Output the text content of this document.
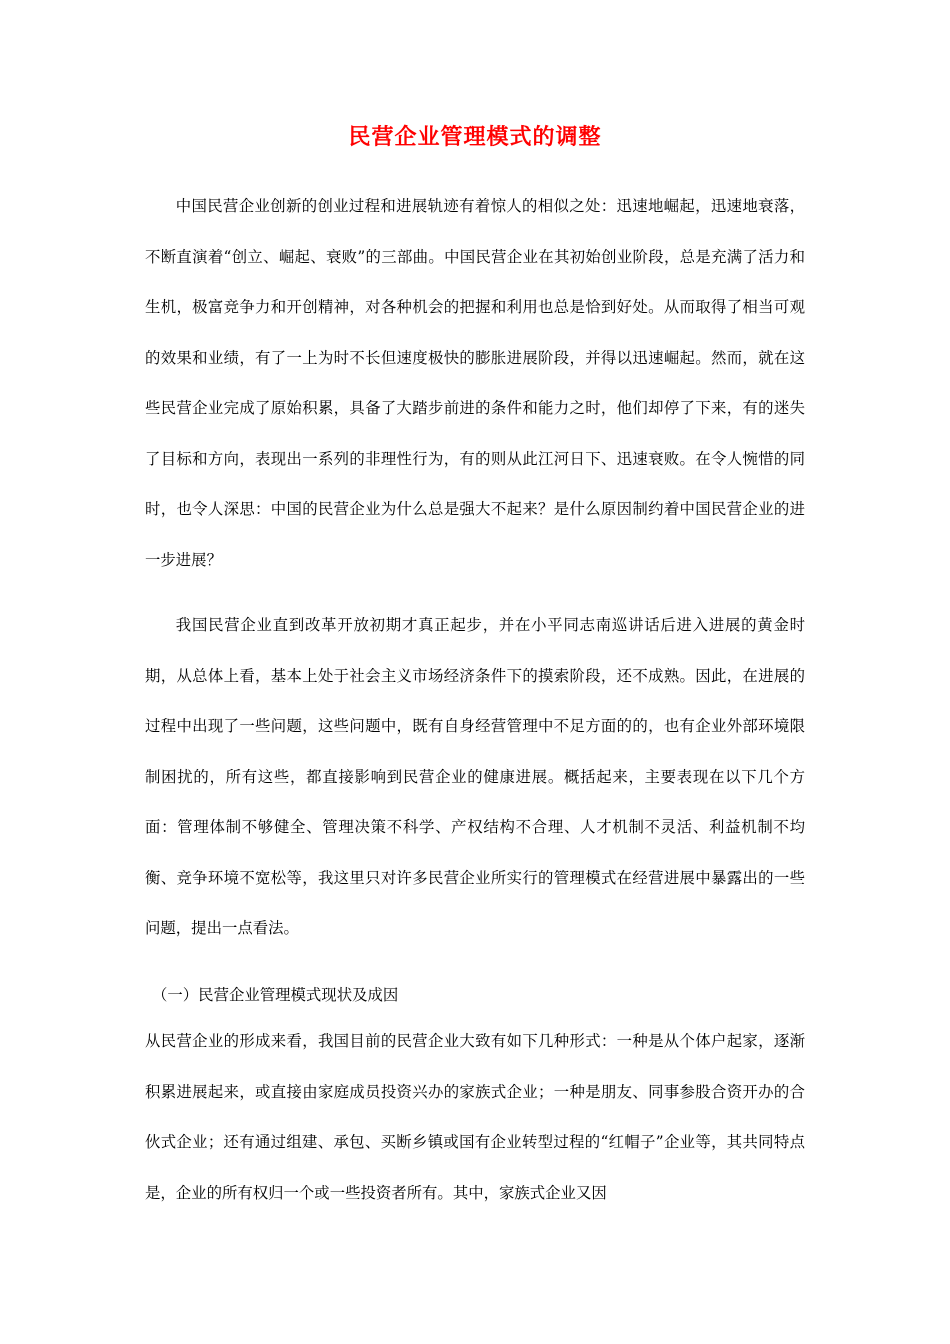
民营企业管理模式的调整

中国民营企业创新的创业过程和进展轨迹有着惊人的相似之处：迅速地崛起，迅速地衰落，不断直演着“创立、崛起、衰败”的三部曲。中国民营企业在其初始创业阶段，总是充满了活力和生机，极富竞争力和开创精神，对各种机会的把握和利用也总是恰到好处。从而取得了相当可观的效果和业绩，有了一上为时不长但速度极快的膨胀进展阶段，并得以迅速崛起。然而，就在这些民营企业完成了原始积累，具备了大踏步前进的条件和能力之时，他们却停了下来，有的迷失了目标和方向，表现出一系列的非理性行为，有的则从此江河日下、迅速衰败。在令人惋惜的同时，也令人深思：中国的民营企业为什么总是强大不起来？是什么原因制约着中国民营企业的进一步进展？

我国民营企业直到改革开放初期才真正起步，并在小平同志南巡讲话后进入进展的黄金时期，从总体上看，基本上处于社会主义市场经济条件下的摸索阶段，还不成熟。因此，在进展的过程中出现了一些问题，这些问题中，既有自身经营管理中不足方面的的，也有企业外部环境限制困扰的，所有这些，都直接影响到民营企业的健康进展。概括起来，主要表现在以下几个方面：管理体制不够健全、管理决策不科学、产权结构不合理、人才机制不灵活、利益机制不均衡、竞争环境不宽松等，我这里只对许多民营企业所实行的管理模式在经营进展中暴露出的一些问题，提出一点看法。

（一）民营企业管理模式现状及成因

从民营企业的形成来看，我国目前的民营企业大致有如下几种形式：一种是从个体户起家，逐渐积累进展起来，或直接由家庭成员投资兴办的家族式企业；一种是朋友、同事参股合资开办的合伙式企业；还有通过组建、承包、买断乡镇或国有企业转型过程的“红帽子”企业等，其共同特点是，企业的所有权归一个或一些投资者所有。其中，家族式企业又因
